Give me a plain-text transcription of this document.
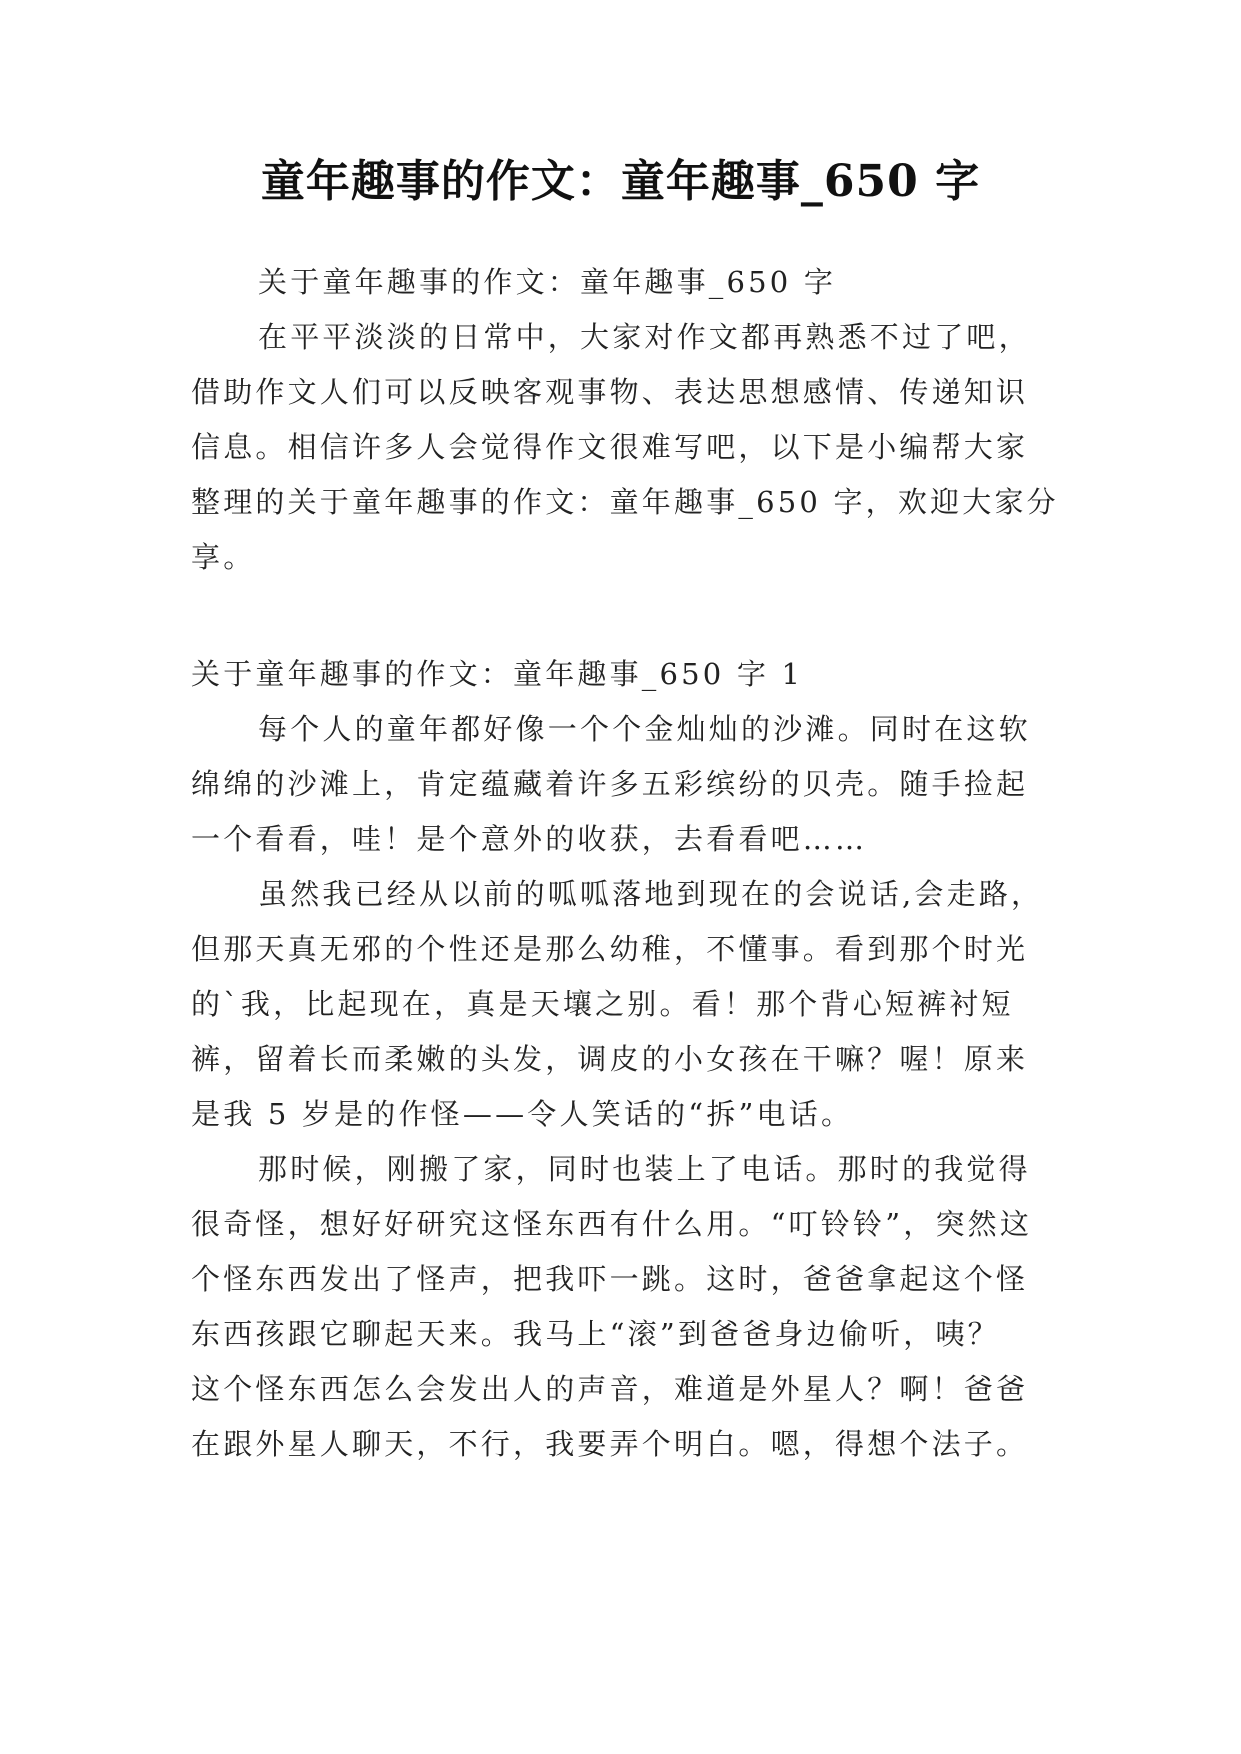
童年趣事的作文：童年趣事_650 字
关于童年趣事的作文：童年趣事_650 字
在平平淡淡的日常中，大家对作文都再熟悉不过了吧，
借助作文人们可以反映客观事物、表达思想感情、传递知识
信息。相信许多人会觉得作文很难写吧，以下是小编帮大家
整理的关于童年趣事的作文：童年趣事_650 字，欢迎大家分
享。
关于童年趣事的作文：童年趣事_650 字 1
每个人的童年都好像一个个金灿灿的沙滩。同时在这软
绵绵的沙滩上，肯定蕴藏着许多五彩缤纷的贝壳。随手捡起
一个看看，哇！是个意外的收获，去看看吧……
虽然我已经从以前的呱呱落地到现在的会说话,会走路，
但那天真无邪的个性还是那么幼稚，不懂事。看到那个时光
的`我，比起现在，真是天壤之别。看！那个背心短裤衬短
裤，留着长而柔嫩的头发，调皮的小女孩在干嘛？喔！原来
是我 5 岁是的作怪——令人笑话的“拆”电话。
那时候，刚搬了家，同时也装上了电话。那时的我觉得
很奇怪，想好好研究这怪东西有什么用。“叮铃铃”，突然这
个怪东西发出了怪声，把我吓一跳。这时，爸爸拿起这个怪
东西孩跟它聊起天来。我马上“滚”到爸爸身边偷听，咦？
这个怪东西怎么会发出人的声音，难道是外星人？啊！爸爸
在跟外星人聊天，不行，我要弄个明白。嗯，得想个法子。
